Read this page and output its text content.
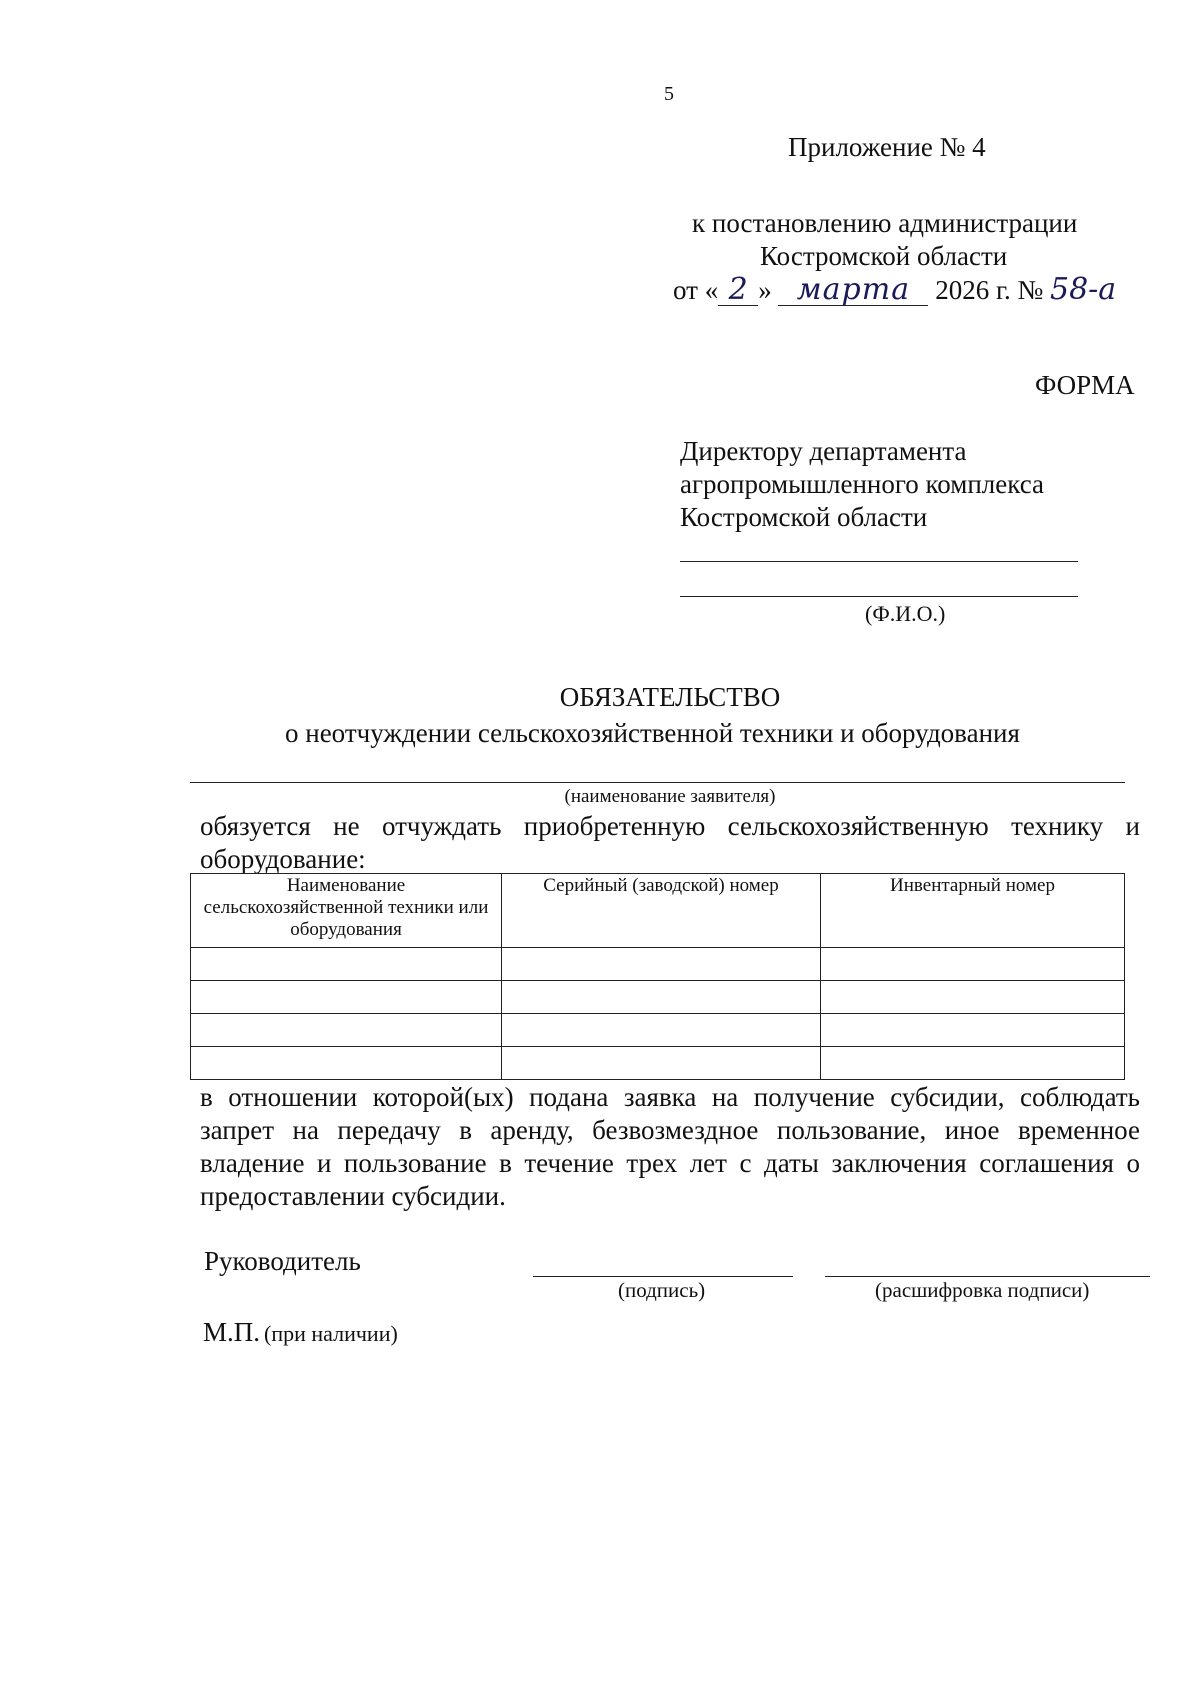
5
Приложение № 4
к постановлению администрации
Костромской области
от « 2 » марта 2026 г. № 58-а
ФОРМА
Директору департамента
агропромышленного комплекса
Костромской области
(Ф.И.О.)
ОБЯЗАТЕЛЬСТВО
о неотчуждении сельскохозяйственной техники и оборудования
(наименование заявителя)
обязуется не отчуждать приобретенную сельскохозяйственную технику и
оборудование:
Наименование сельскохозяйственной техники или оборудования	Серийный (заводской) номер	Инвентарный номер

в отношении которой(ых) подана заявка на получение субсидии, соблюдать запрет на передачу в аренду, безвозмездное пользование, иное временное владение и пользование в течение трех лет с даты заключения соглашения о предоставлении субсидии.
Руководитель
(подпись)	(расшифровка подписи)
М.П. (при наличии)
